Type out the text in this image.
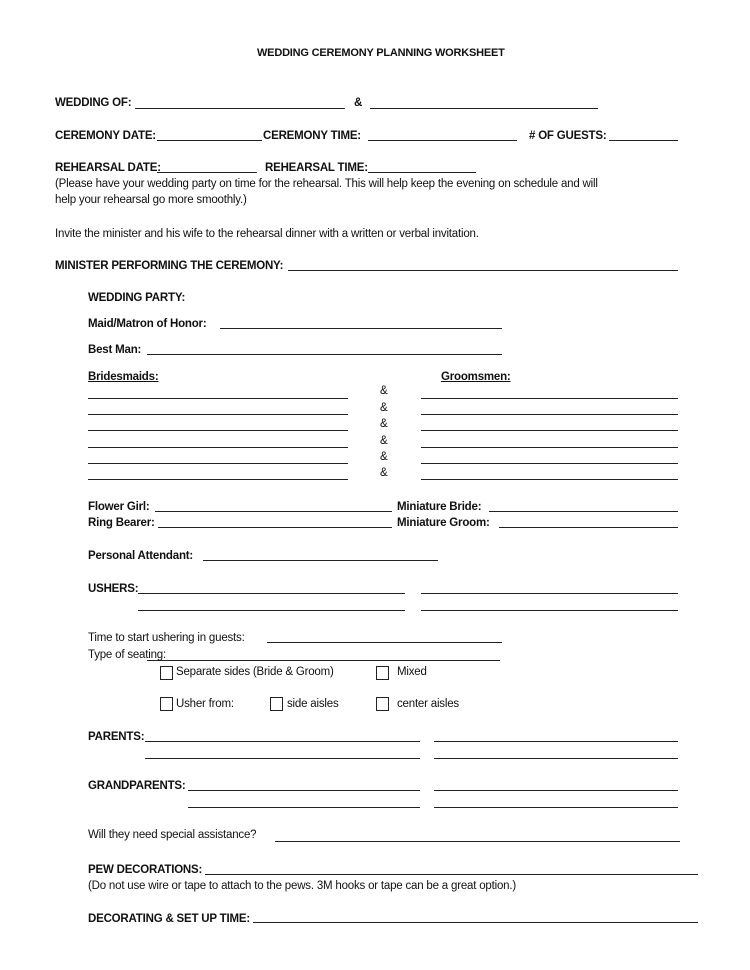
WEDDING CEREMONY PLANNING WORKSHEET
WEDDING OF:	&
CEREMONY DATE:	CEREMONY TIME:	# OF GUESTS:
REHEARSAL DATE:	REHEARSAL TIME:
(Please have your wedding party on time for the rehearsal. This will help keep the evening on schedule and will
help your rehearsal go more smoothly.)
Invite the minister and his wife to the rehearsal dinner with a written or verbal invitation.
MINISTER PERFORMING THE CEREMONY:
WEDDING PARTY:
Maid/Matron of Honor:
Best Man:
Bridesmaids:	Groomsmen:
&
&
&
&
&
&
Flower Girl:	Miniature Bride:
Ring Bearer:	Miniature Groom:
Personal Attendant:
USHERS:
Time to start ushering in guests:
Type of seating:
Separate sides (Bride & Groom)	Mixed
Usher from:	side aisles	center aisles
PARENTS:
GRANDPARENTS:
Will they need special assistance?
PEW DECORATIONS:
(Do not use wire or tape to attach to the pews. 3M hooks or tape can be a great option.)
DECORATING & SET UP TIME:
